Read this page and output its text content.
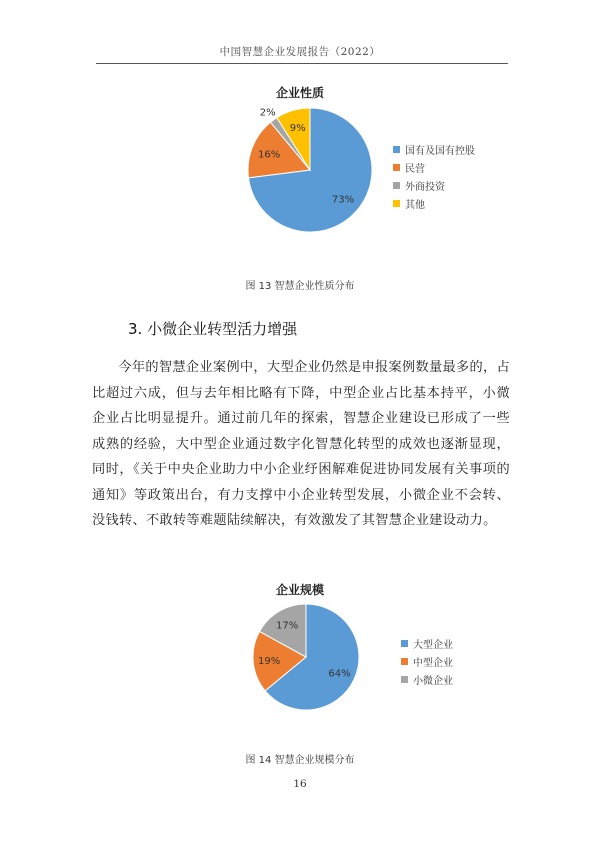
中国智慧企业发展报告（2022）
企业性质
73%
16%
2%
9%
国有及国有控股
民营
外商投资
其他
图 13 智慧企业性质分布
3. 小微企业转型活力增强
今年的智慧企业案例中，大型企业仍然是申报案例数量最多的，占比超过六成，但与去年相比略有下降，中型企业占比基本持平，小微企业占比明显提升。通过前几年的探索，智慧企业建设已形成了一些成熟的经验，大中型企业通过数字化智慧化转型的成效也逐渐显现，同时，《关于中央企业助力中小企业纾困解难促进协同发展有关事项的通知》等政策出台，有力支撑中小企业转型发展，小微企业不会转、没钱转、不敢转等难题陆续解决，有效激发了其智慧企业建设动力。
企业规模
64%
19%
17%
大型企业
中型企业
小微企业
图 14 智慧企业规模分布
16
